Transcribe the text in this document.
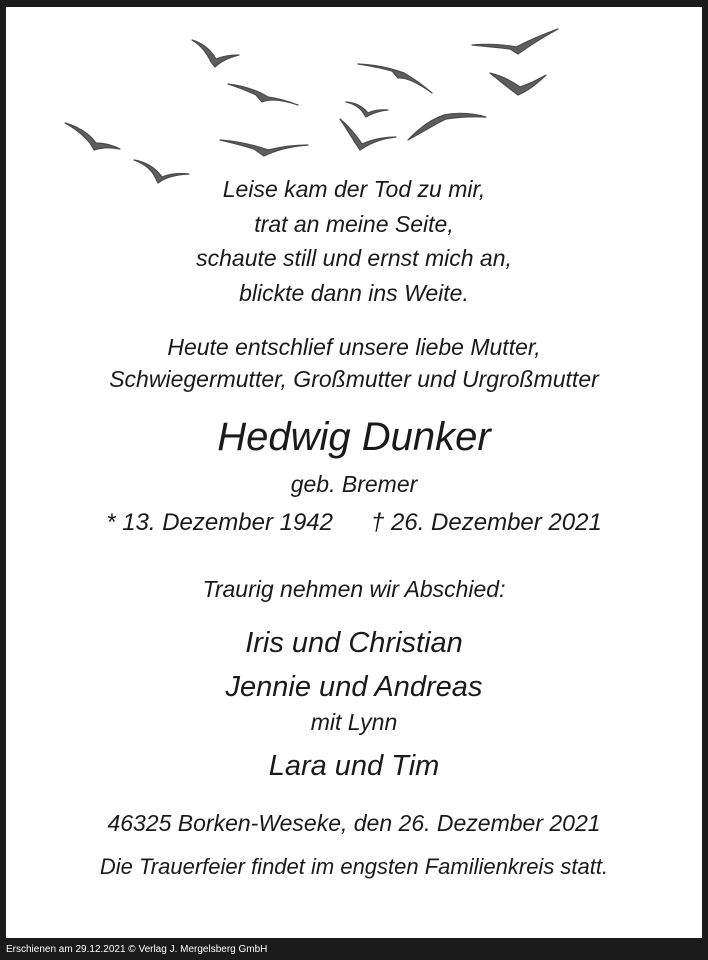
Leise kam der Tod zu mir,
trat an meine Seite,
schaute still und ernst mich an,
blickte dann ins Weite.
Heute entschlief unsere liebe Mutter,
Schwiegermutter, Großmutter und Urgroßmutter
Hedwig Dunker
geb. Bremer
* 13. Dezember 1942 † 26. Dezember 2021
Traurig nehmen wir Abschied:
Iris und Christian
Jennie und Andreas
mit Lynn
Lara und Tim
46325 Borken-Weseke, den 26. Dezember 2021
Die Trauerfeier findet im engsten Familienkreis statt.
Erschienen am 29.12.2021 © Verlag J. Mergelsberg GmbH
